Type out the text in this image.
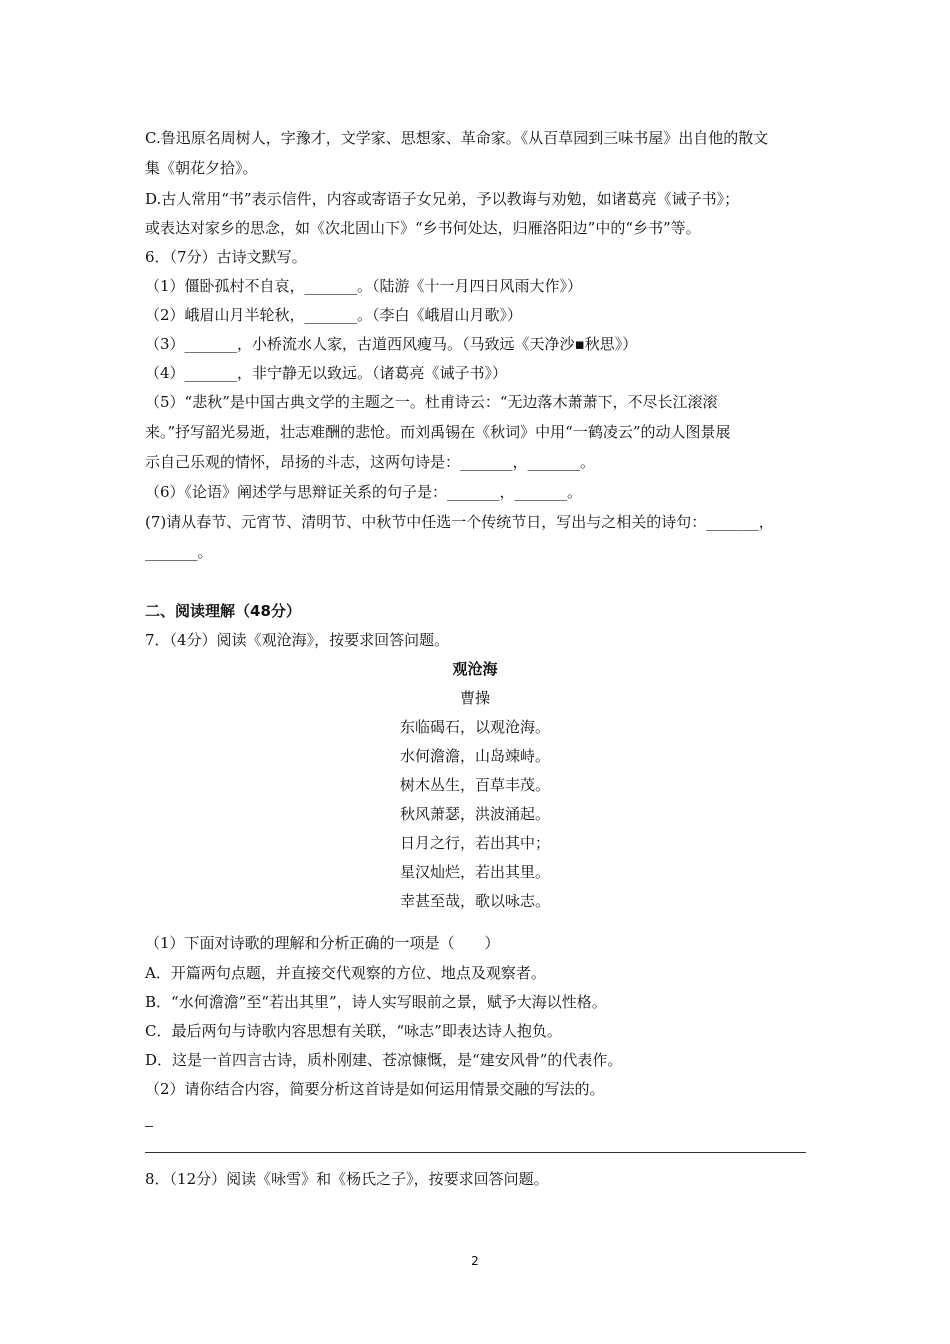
C.鲁迅原名周树人，字豫才，文学家、思想家、革命家。《从百草园到三味书屋》出自他的散文
集《朝花夕拾》。
D.古人常用“书”表示信件，内容或寄语子女兄弟，予以教诲与劝勉，如诸葛亮《诫子书》；
或表达对家乡的思念，如《次北固山下》“乡书何处达，归雁洛阳边”中的“乡书”等。
6．（7分）古诗文默写。
（1）僵卧孤村不自哀，_______。（陆游《十一月四日风雨大作》）
（2）峨眉山月半轮秋，_______。（李白《峨眉山月歌》）
（3）_______，小桥流水人家，古道西风瘦马。（马致远《天净沙▪秋思》）
（4）_______，非宁静无以致远。（诸葛亮《诫子书》）
（5）“悲秋”是中国古典文学的主题之一。杜甫诗云：“无边落木萧萧下，不尽长江滚滚
来。”抒写韶光易逝，壮志难酬的悲怆。而刘禹锡在《秋词》中用“一鹤凌云”的动人图景展
示自己乐观的情怀，昂扬的斗志，这两句诗是：_______，_______。
（6）《论语》阐述学与思辩证关系的句子是：_______，_______。
(7)请从春节、元宵节、清明节、中秋节中任选一个传统节日，写出与之相关的诗句：_______，
_______。
二、阅读理解（48分）
7．（4分）阅读《观沧海》，按要求回答问题。
观沧海
曹操
东临碣石，以观沧海。
水何澹澹，山岛竦峙。
树木丛生，百草丰茂。
秋风萧瑟，洪波涌起。
日月之行，若出其中；
星汉灿烂，若出其里。
幸甚至哉，歌以咏志。
（1）下面对诗歌的理解和分析正确的一项是（　　）
A．开篇两句点题，并直接交代观察的方位、地点及观察者。
B．“水何澹澹”至“若出其里”，诗人实写眼前之景，赋予大海以性格。
C．最后两句与诗歌内容思想有关联，“咏志”即表达诗人抱负。
D．这是一首四言古诗，质朴刚建、苍凉慷慨，是“建安风骨”的代表作。
（2）请你结合内容，简要分析这首诗是如何运用情景交融的写法的。
8．（12分）阅读《咏雪》和《杨氏之子》，按要求回答问题。
2
